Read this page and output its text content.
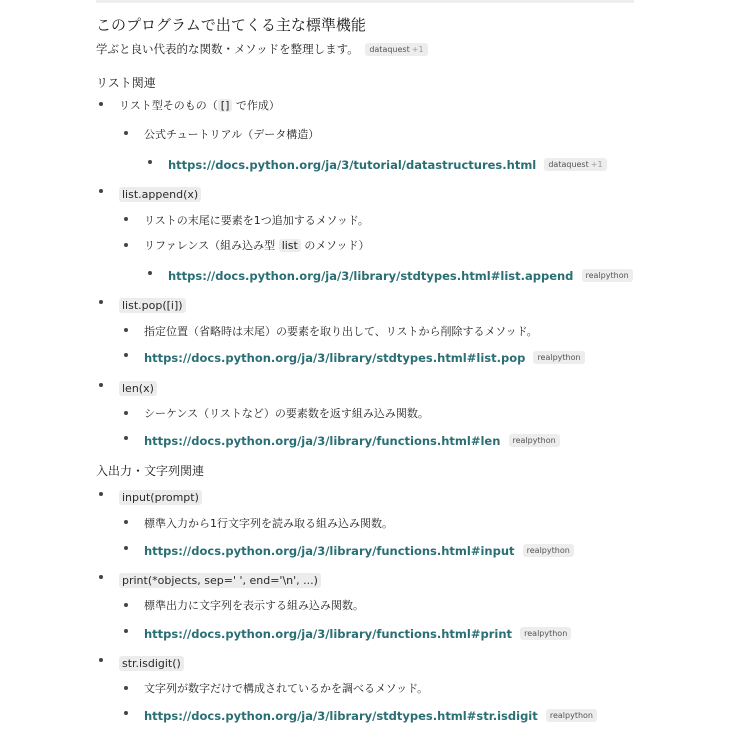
このプログラムで出てくる主な標準機能
学ぶと良い代表的な関数・メソッドを整理します。 dataquest +1
リスト関連
リスト型そのもの（ [] で作成）
公式チュートリアル（データ構造）
https://docs.python.org/ja/3/tutorial/datastructures.html dataquest +1
list.append(x)
リストの末尾に要素を1つ追加するメソッド。
リファレンス（組み込み型 list のメソッド）
https://docs.python.org/ja/3/library/stdtypes.html#list.append realpython
list.pop([i])
指定位置（省略時は末尾）の要素を取り出して、リストから削除するメソッド。
https://docs.python.org/ja/3/library/stdtypes.html#list.pop realpython
len(x)
シーケンス（リストなど）の要素数を返す組み込み関数。
https://docs.python.org/ja/3/library/functions.html#len realpython
入出力・文字列関連
input(prompt)
標準入力から1行文字列を読み取る組み込み関数。
https://docs.python.org/ja/3/library/functions.html#input realpython
print(*objects, sep=' ', end='\n', ...)
標準出力に文字列を表示する組み込み関数。
https://docs.python.org/ja/3/library/functions.html#print realpython
str.isdigit()
文字列が数字だけで構成されているかを調べるメソッド。
https://docs.python.org/ja/3/library/stdtypes.html#str.isdigit realpython
